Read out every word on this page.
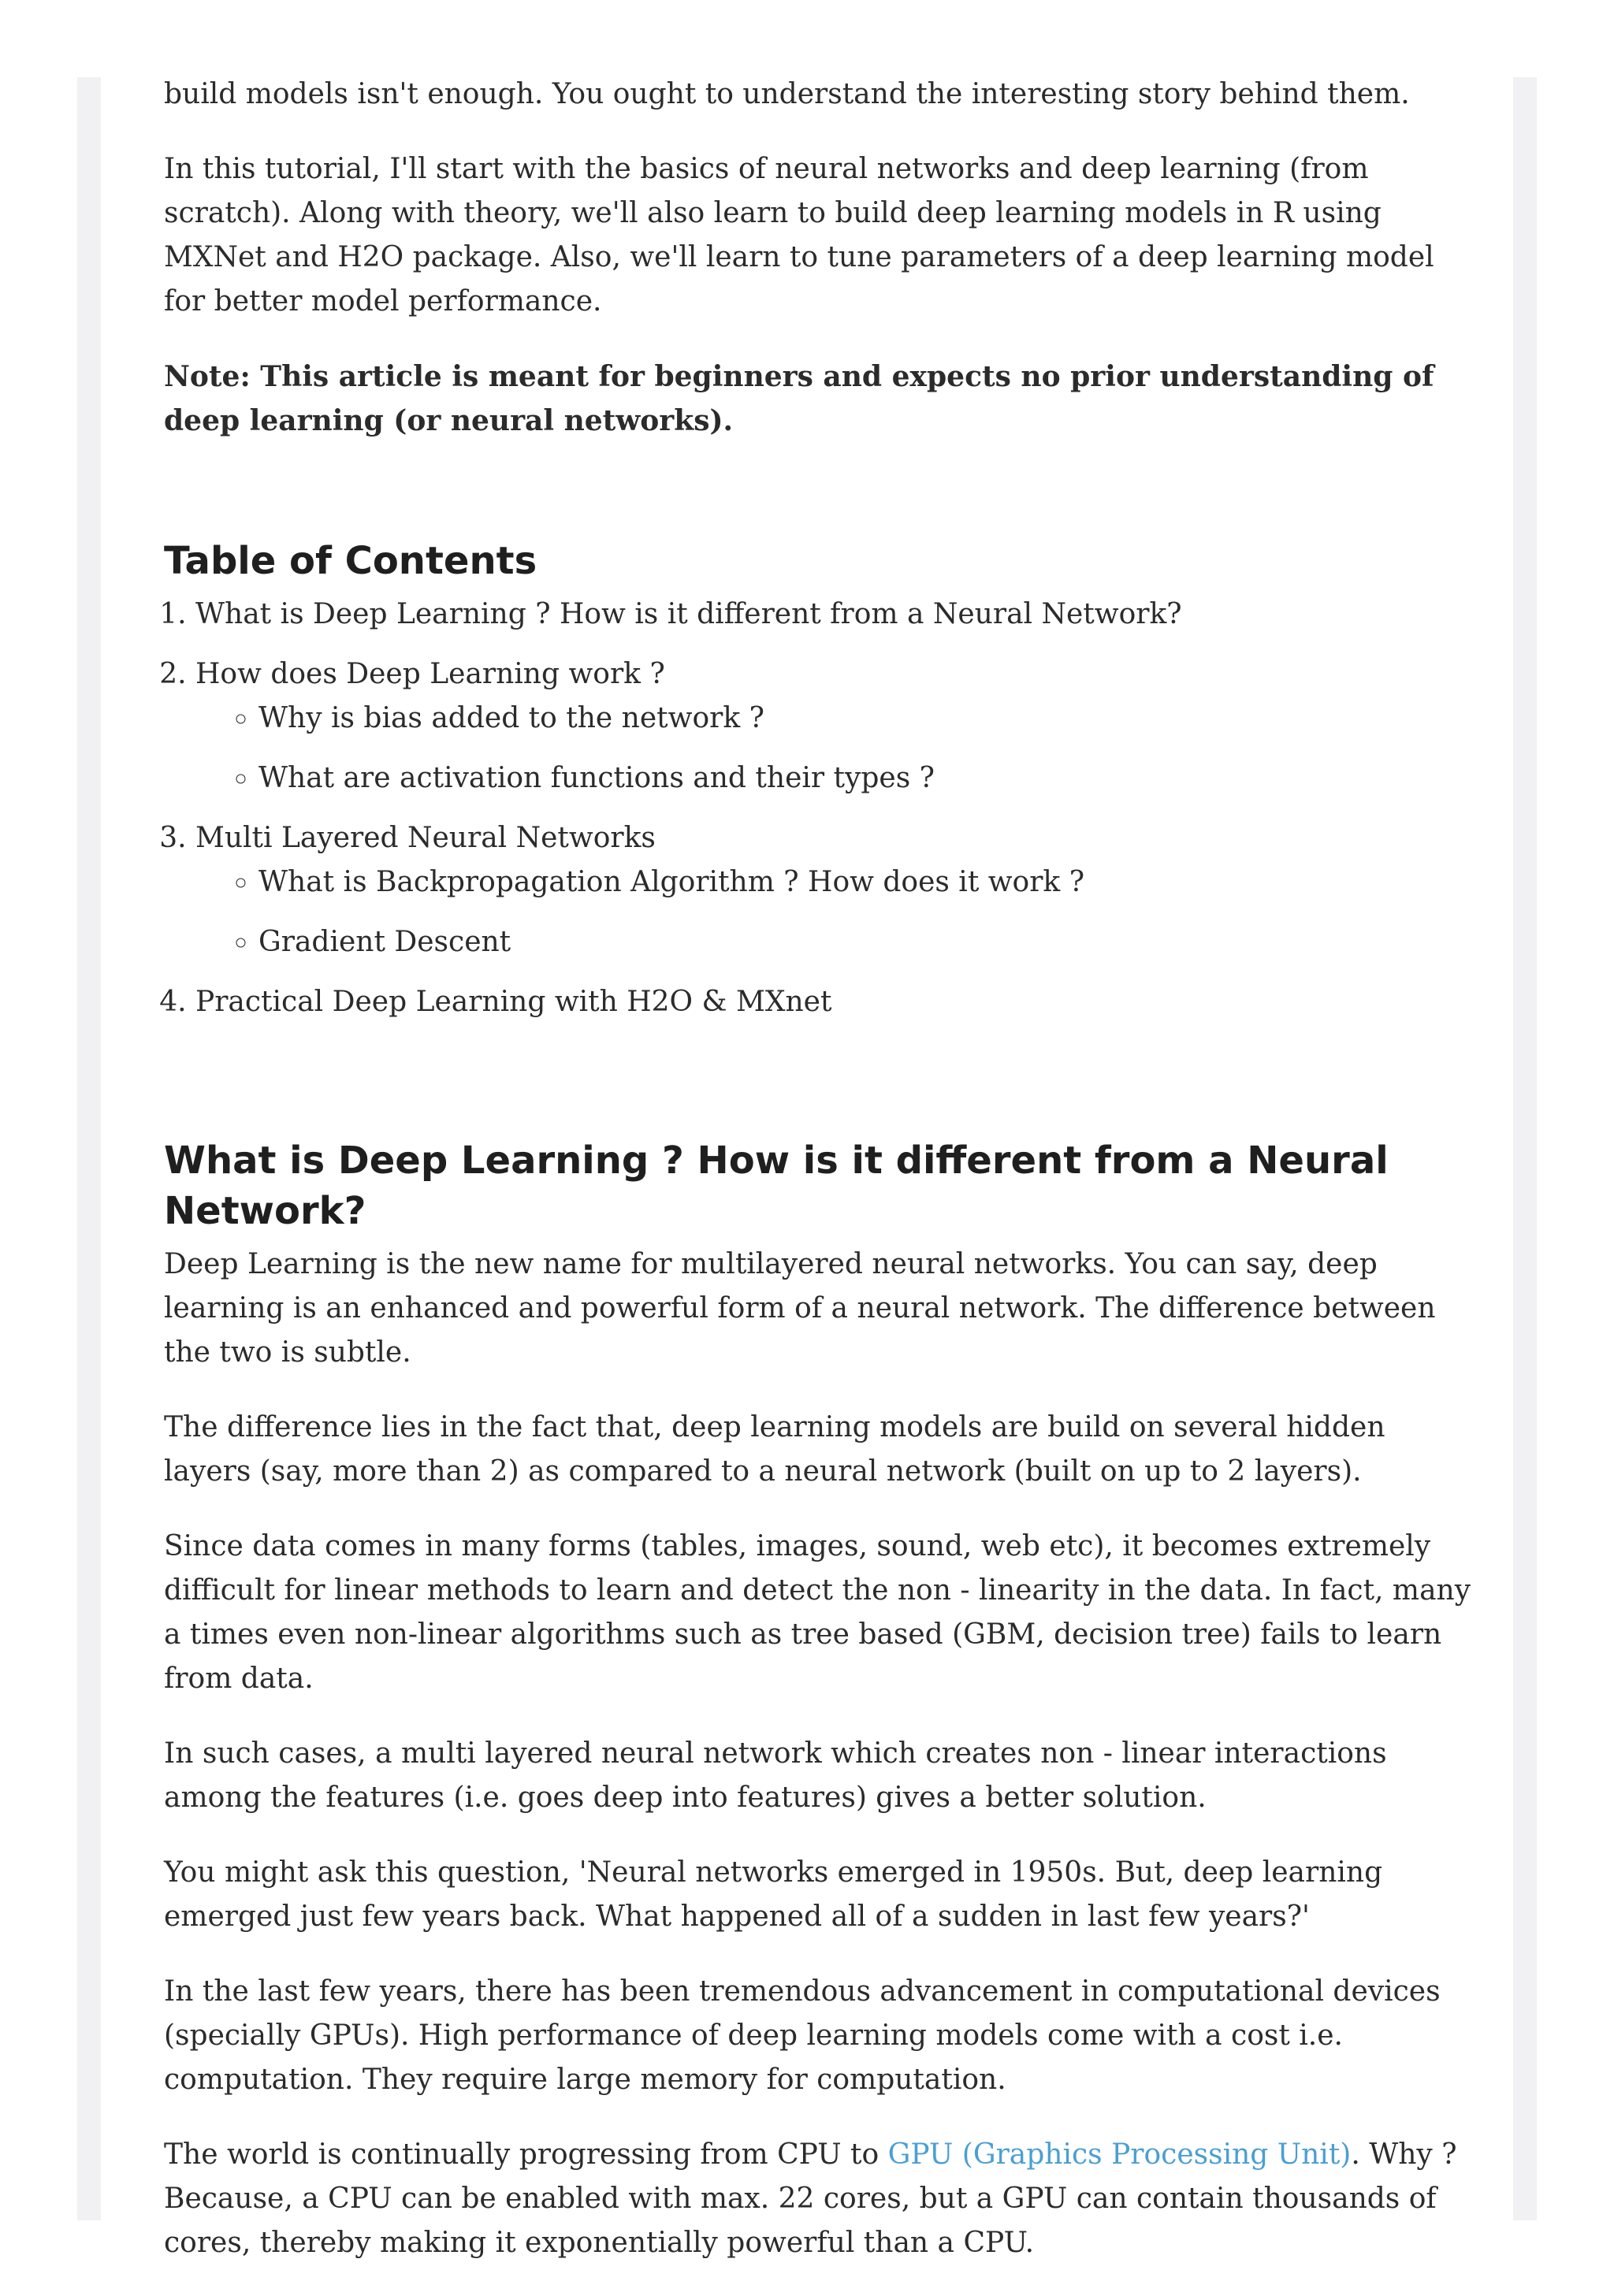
build models isn't enough. You ought to understand the interesting story behind them.

In this tutorial, I'll start with the basics of neural networks and deep learning (from scratch). Along with theory, we'll also learn to build deep learning models in R using MXNet and H2O package. Also, we'll learn to tune parameters of a deep learning model for better model performance.

Note: This article is meant for beginners and expects no prior understanding of deep learning (or neural networks).

Table of Contents
1. What is Deep Learning ? How is it different from a Neural Network?
2. How does Deep Learning work ?
◦ Why is bias added to the network ?
◦ What are activation functions and their types ?
3. Multi Layered Neural Networks
◦ What is Backpropagation Algorithm ? How does it work ?
◦ Gradient Descent
4. Practical Deep Learning with H2O & MXnet
What is Deep Learning ? How is it different from a Neural Network?

Deep Learning is the new name for multilayered neural networks. You can say, deep learning is an enhanced and powerful form of a neural network. The difference between the two is subtle.

The difference lies in the fact that, deep learning models are build on several hidden layers (say, more than 2) as compared to a neural network (built on up to 2 layers).

Since data comes in many forms (tables, images, sound, web etc), it becomes extremely difficult for linear methods to learn and detect the non - linearity in the data. In fact, many a times even non-linear algorithms such as tree based (GBM, decision tree) fails to learn from data.

In such cases, a multi layered neural network which creates non - linear interactions among the features (i.e. goes deep into features) gives a better solution.

You might ask this question, 'Neural networks emerged in 1950s. But, deep learning emerged just few years back. What happened all of a sudden in last few years?'

In the last few years, there has been tremendous advancement in computational devices (specially GPUs). High performance of deep learning models come with a cost i.e. computation. They require large memory for computation.

The world is continually progressing from CPU to GPU (Graphics Processing Unit). Why ? Because, a CPU can be enabled with max. 22 cores, but a GPU can contain thousands of cores, thereby making it exponentially powerful than a CPU.
